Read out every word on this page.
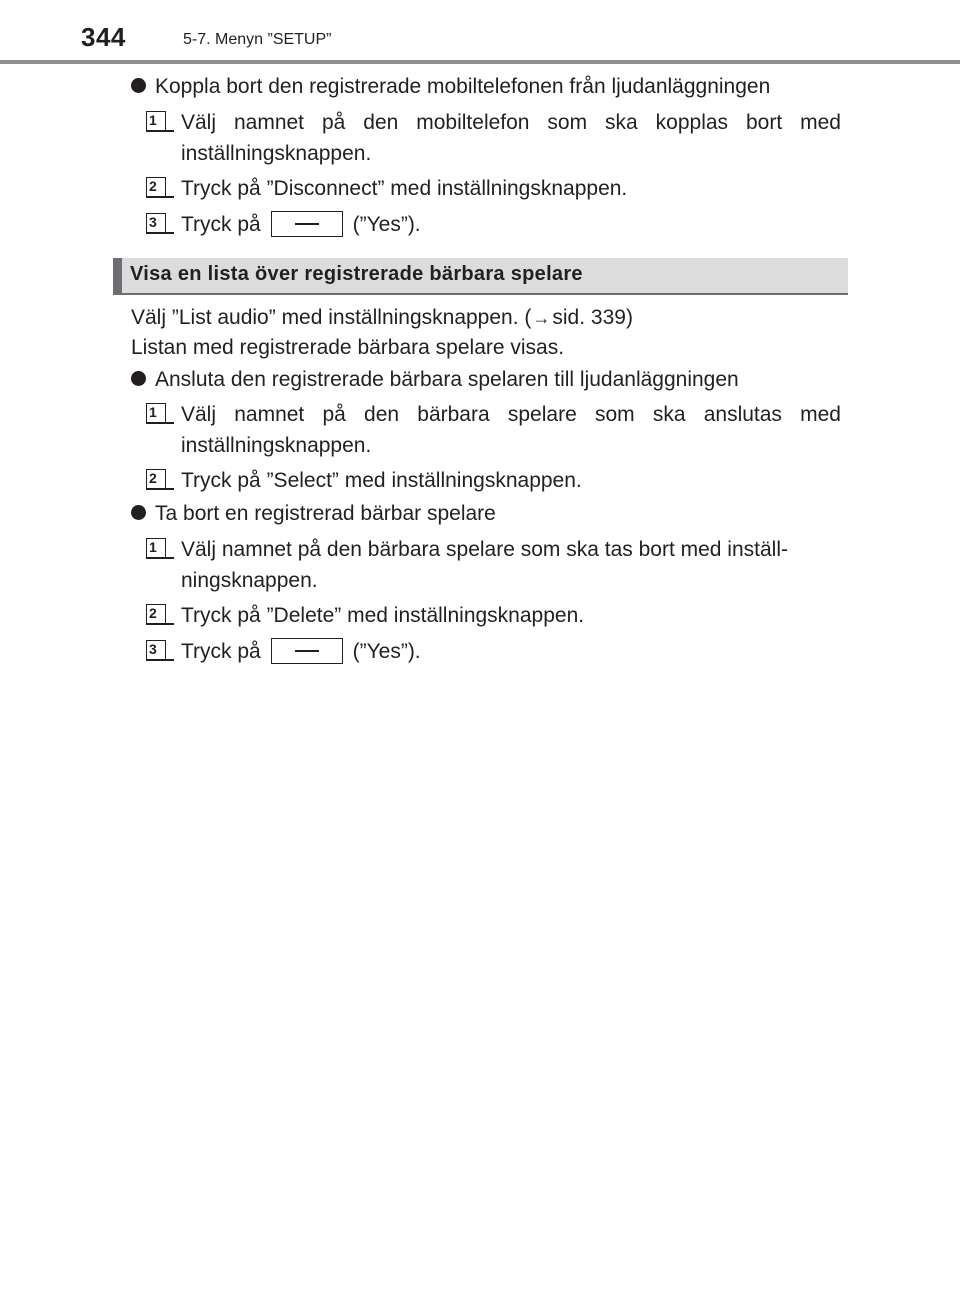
344	5-7. Menyn ”SETUP”
Koppla bort den registrerade mobiltelefonen från ljudanläggningen
1 Välj namnet på den mobiltelefon som ska kopplas bort med inställningsknappen.
2 Tryck på ”Disconnect” med inställningsknappen.
3 Tryck på	(”Yes”).
Visa en lista över registrerade bärbara spelare
Välj ”List audio” med inställningsknappen. (→sid. 339)
Listan med registrerade bärbara spelare visas.
Ansluta den registrerade bärbara spelaren till ljudanläggningen
1 Välj namnet på den bärbara spelare som ska anslutas med inställningsknappen.
2 Tryck på ”Select” med inställningsknappen.
Ta bort en registrerad bärbar spelare
1 Välj namnet på den bärbara spelare som ska tas bort med inställ-ningsknappen.
2 Tryck på ”Delete” med inställningsknappen.
3 Tryck på	(”Yes”).
